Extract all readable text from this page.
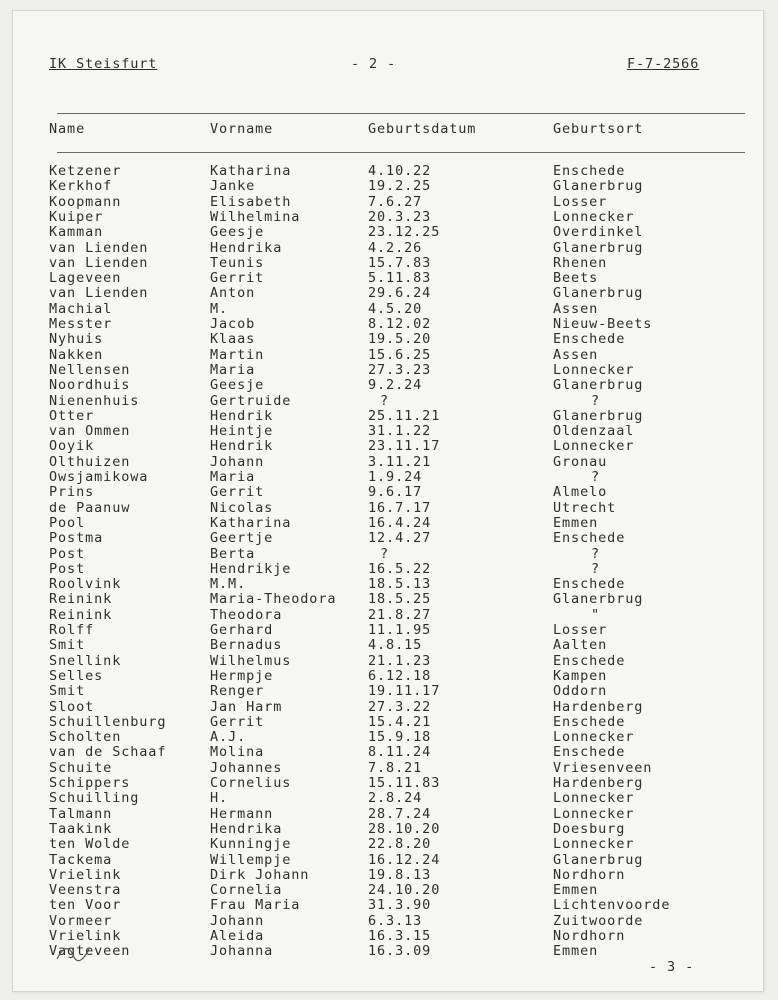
IK Steisfurt	- 2 -	F-7-2566
Name	Vorname	Geburtsdatum	Geburtsort
Ketzener	Katharina	4.10.22	Enschede
Kerkhof	Janke	19.2.25	Glanerbrug
Koopmann	Elisabeth	7.6.27	Losser
Kuiper	Wilhelmina	20.3.23	Lonnecker
Kamman	Geesje	23.12.25	Overdinkel
van Lienden	Hendrika	4.2.26	Glanerbrug
van Lienden	Teunis	15.7.83	Rhenen
Lageveen	Gerrit	5.11.83	Beets
van Lienden	Anton	29.6.24	Glanerbrug
Machial	M.	4.5.20	Assen
Messter	Jacob	8.12.02	Nieuw-Beets
Nyhuis	Klaas	19.5.20	Enschede
Nakken	Martin	15.6.25	Assen
Nellensen	Maria	27.3.23	Lonnecker
Noordhuis	Geesje	9.2.24	Glanerbrug
Nienenhuis	Gertruide	?	?
Otter	Hendrik	25.11.21	Glanerbrug
van Ommen	Heintje	31.1.22	Oldenzaal
Ooyik	Hendrik	23.11.17	Lonnecker
Olthuizen	Johann	3.11.21	Gronau
Owsjamikowa	Maria	1.9.24	?
Prins	Gerrit	9.6.17	Almelo
de Paanuw	Nicolas	16.7.17	Utrecht
Pool	Katharina	16.4.24	Emmen
Postma	Geertje	12.4.27	Enschede
Post	Berta	?	?
Post	Hendrikje	16.5.22	?
Roolvink	M.M.	18.5.13	Enschede
Reinink	Maria-Theodora 18.5.25	Glanerbrug
Reinink	Theodora	21.8.27	"
Rolff	Gerhard	11.1.95	Losser
Smit	Bernadus	4.8.15	Aalten
Snellink	Wilhelmus	21.1.23	Enschede
Selles	Hermpje	6.12.18	Kampen
Smit	Renger	19.11.17	Oddorn
Sloot	Jan Harm	27.3.22	Hardenberg
Schuillenburg	Gerrit	15.4.21	Enschede
Scholten	A.J.	15.9.18	Lonnecker
van de Schaaf	Molina	8.11.24	Enschede
Schuite	Johannes	7.8.21	Vriesenveen
Schippers	Cornelius	15.11.83	Hardenberg
Schuilling	H.	2.8.24	Lonnecker
Talmann	Hermann	28.7.24	Lonnecker
Taakink	Hendrika	28.10.20	Doesburg
ten Wolde	Kunningje	22.8.20	Lonnecker
Tackema	Willempje	16.12.24	Glanerbrug
Vrielink	Dirk Johann	19.8.13	Nordhorn
Veenstra	Cornelia	24.10.20	Emmen
ten Voor	Frau Maria	31.3.90	Lichtenvoorde
Vormeer	Johann	6.3.13	Zuitwoorde
Vrielink	Aleida	16.3.15	Nordhorn
Vagteveen	Johanna	16.3.09	Emmen
- 3 -
